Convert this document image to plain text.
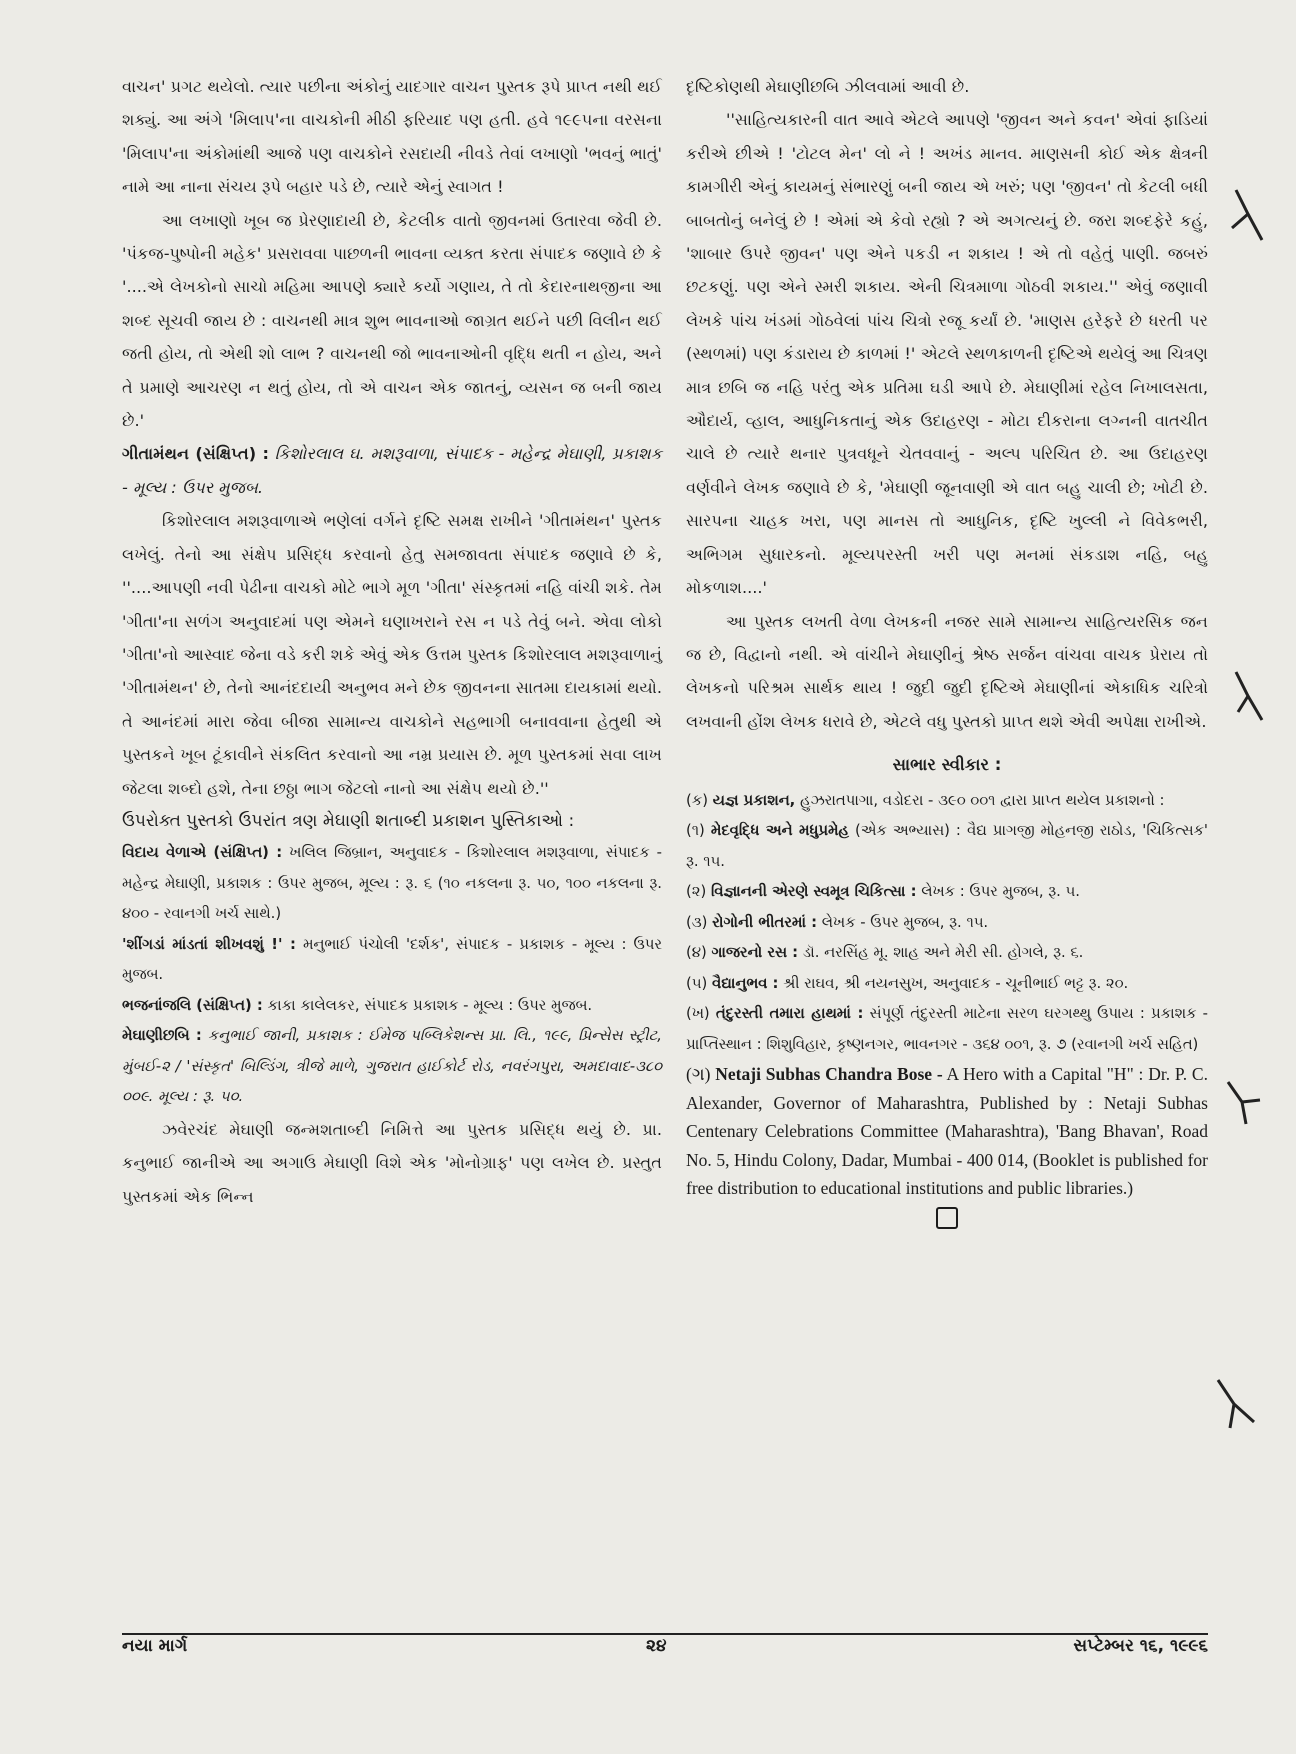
વાચન' પ્રગટ થયેલો. ત્યાર પછીના અંકોનું યાદગાર વાચન પુસ્તક રૂપે પ્રાપ્ત નથી થઈ શક્યું. આ અંગે 'મિલાપ'ના વાચકોની મીઠી ફરિયાદ પણ હતી. હવે ૧૯૯૫ના વરસના 'મિલાપ'ના અંકોમાંથી આજે પણ વાચકોને રસદાયી નીવડે તેવાં લખાણો 'ભવનું ભાતું' નામે આ નાના સંચય રૂપે બહાર પડે છે, ત્યારે એનું સ્વાગત !

આ લખાણો ખૂબ જ પ્રેરણાદાયી છે, કેટલીક વાતો જીવનમાં ઉતારવા જેવી છે. 'પંકજ-પુષ્પોની મહેક' પ્રસરાવવા પાછળની ભાવના વ્યક્ત કરતા સંપાદક જણાવે છે કે '....એ લેખકોનો સાચો મહિમા આપણે ક્યારે કર્યો ગણાય, તે તો કેદારનાથજીના આ શબ્દ સૂચવી જાય છે : વાચનથી માત્ર શુભ ભાવનાઓ જાગ્રત થઈને પછી વિલીન થઈ જતી હોય, તો એથી શો લાભ ? વાચનથી જો ભાવનાઓની વૃદ્ધિ થતી ન હોય, અને તે પ્રમાણે આચરણ ન થતું હોય, તો એ વાચન એક જાતનું, વ્યસન જ બની જાય છે.'

ગીતામંથન (સંક્ષિપ્ત) : કિશોરલાલ ઘ. મશરૂવાળા, સંપાદક - મહેન્દ્ર મેઘાણી, પ્રકાશક - મૂલ્ય : ઉપર મુજબ.

કિશોરલાલ મશરૂવાળાએ ભણેલાં વર્ગને દૃષ્ટિ સમક્ષ રાખીને 'ગીતામંથન' પુસ્તક લખેલું. તેનો આ સંક્ષેપ પ્રસિદ્ધ કરવાનો હેતુ સમજાવતા સંપાદક જણાવે છે કે, ''....આપણી નવી પેઢીના વાચકો મોટે ભાગે મૂળ 'ગીતા' સંસ્કૃતમાં નહિ વાંચી શકે. તેમ 'ગીતા'ના સળંગ અનુવાદમાં પણ એમને ઘણાખરાને રસ ન પડે તેવું બને. એવા લોકો 'ગીતા'નો આસ્વાદ જેના વડે કરી શકે એવું એક ઉત્તમ પુસ્તક કિશોરલાલ મશરૂવાળાનું 'ગીતામંથન' છે, તેનો આનંદદાયી અનુભવ મને છેક જીવનના સાતમા દાયકામાં થયો. તે આનંદમાં મારા જેવા બીજા સામાન્ય વાચકોને સહભાગી બનાવવાના હેતુથી એ પુસ્તકને ખૂબ ટૂંકાવીને સંકલિત કરવાનો આ નમ્ર પ્રયાસ છે. મૂળ પુસ્તકમાં સવા લાખ જેટલા શબ્દો હશે, તેના છઠ્ઠા ભાગ જેટલો નાનો આ સંક્ષેપ થયો છે.''

ઉપરોક્ત પુસ્તકો ઉપરાંત ત્રણ મેઘાણી શતાબ્દી પ્રકાશન પુસ્તિકાઓ :

વિદાય વેળાએ (સંક્ષિપ્ત) : ખલિલ જિબ્રાન, અનુવાદક - કિશોરલાલ મશરૂવાળા, સંપાદક - મહેન્દ્ર મેઘાણી, પ્રકાશક : ઉપર મુજબ, મૂલ્ય : રૂ. ૬ (૧૦ નકલના રૂ. ૫૦, ૧૦૦ નકલના રૂ. ૪૦૦ - રવાનગી ખર્ચ સાથે.)

'શીંગડાં માંડતાં શીખવશું !' : મનુભાઈ પંચોલી 'દર્શક', સંપાદક - પ્રકાશક - મૂલ્ય : ઉપર મુજબ.

ભજનાંજલિ (સંક્ષિપ્ત) : કાકા કાલેલકર, સંપાદક પ્રકાશક - મૂલ્ય : ઉપર મુજબ.

મેઘાણીછબિ : કનુભાઈ જાની, પ્રકાશક : ઈમેજ પબ્લિકેશન્સ પ્રા. લિ., ૧૯૯, પ્રિન્સેસ સ્ટ્રીટ, મુંબઈ-૨ / 'સંસ્કૃત' બિલ્ડિંગ, ત્રીજે માળે, ગુજરાત હાઈકોર્ટ રોડ, નવરંગપુરા, અમદાવાદ-૩૮૦ ૦૦૯. મૂલ્ય : રૂ. ૫૦.

ઝવેરચંદ મેઘાણી જન્મશતાબ્દી નિમિત્તે આ પુસ્તક પ્રસિદ્ધ થયું છે. પ્રા. કનુભાઈ જાનીએ આ અગાઉ મેઘાણી વિશે એક 'મોનોગ્રાફ' પણ લખેલ છે. પ્રસ્તુત પુસ્તકમાં એક ભિન્ન

દૃષ્ટિકોણથી મેઘાણીછબિ ઝીલવામાં આવી છે.

''સાહિત્યકારની વાત આવે એટલે આપણે 'જીવન અને કવન' એવાં ફાડિયાં કરીએ છીએ ! 'ટોટલ મેન' લો ને ! અખંડ માનવ. માણસની કોઈ એક ક્ષેત્રની કામગીરી એનું કાયમનું સંભારણું બની જાય એ ખરું; પણ 'જીવન' તો કેટલી બધી બાબતોનું બનેલું છે ! એમાં એ કેવો રહ્યો ? એ અગત્યનું છે. જરા શબ્દફેરે કહું, 'શાબાર ઉપરે જીવન' પણ એને પકડી ન શકાય ! એ તો વહેતું પાણી. જબરું છટકણું. પણ એને સ્મરી શકાય. એની ચિત્રમાળા ગોઠવી શકાય.'' એવું જણાવી લેખકે પાંચ ખંડમાં ગોઠવેલાં પાંચ ચિત્રો રજૂ કર્યાં છે. 'માણસ હરેફરે છે ધરતી પર (સ્થળમાં) પણ કંડારાય છે કાળમાં !' એટલે સ્થળકાળની દૃષ્ટિએ થયેલું આ ચિત્રણ માત્ર છબિ જ નહિ પરંતુ એક પ્રતિમા ઘડી આપે છે. મેઘાણીમાં રહેલ નિખાલસતા, ઔદાર્ય, વ્હાલ, આધુનિકતાનું એક ઉદાહરણ - મોટા દીકરાના લગ્નની વાતચીત ચાલે છે ત્યારે થનાર પુત્રવધૂને ચેતવવાનું - અલ્પ પરિચિત છે. આ ઉદાહરણ વર્ણવીને લેખક જણાવે છે કે, 'મેઘાણી જૂનવાણી એ વાત બહુ ચાલી છે; ખોટી છે. સારપના ચાહક ખરા, પણ માનસ તો આધુનિક, દૃષ્ટિ ખુલ્લી ને વિવેકભરી, અભિગમ સુધારકનો. મૂલ્યપરસ્તી ખરી પણ મનમાં સંકડાશ નહિ, બહુ મોકળાશ....'

આ પુસ્તક લખતી વેળા લેખકની નજર સામે સામાન્ય સાહિત્યરસિક જન જ છે, વિદ્વાનો નથી. એ વાંચીને મેઘાણીનું શ્રેષ્ઠ સર્જન વાંચવા વાચક પ્રેરાય તો લેખકનો પરિશ્રમ સાર્થક થાય ! જુદી જુદી દૃષ્ટિએ મેઘાણીનાં એકાધિક ચરિત્રો લખવાની હોંશ લેખક ધરાવે છે, એટલે વધુ પુસ્તકો પ્રાપ્ત થશે એવી અપેક્ષા રાખીએ.

સાભાર સ્વીકાર :

(ક) યજ્ઞ પ્રકાશન, હુઝરાતપાગા, વડોદરા - ૩૯૦ ૦૦૧ દ્વારા પ્રાપ્ત થયેલ પ્રકાશનો :

(૧) મેદવૃદ્ધિ અને મધુપ્રમેહ (એક અભ્યાસ) : વૈદ્ય પ્રાગજી મોહનજી રાઠોડ, 'ચિકિત્સક' રૂ. ૧૫.

(૨) વિજ્ઞાનની એરણે સ્વમૂત્ર ચિકિત્સા : લેખક : ઉપર મુજબ, રૂ. ૫.

(૩) રોગોની ભીતરમાં : લેખક - ઉપર મુજબ, રૂ. ૧૫.

(૪) ગાજરનો રસ : ડૉ. નરસિંહ મૂ. શાહ અને મેરી સી. હોગલે, રૂ. ૬.

(૫) વૈદ્યાનુભવ : શ્રી રાઘવ, શ્રી નયનસુખ, અનુવાદક - ચૂનીભાઈ ભટ્ટ રૂ. ૨૦.

(ખ) તંદુરસ્તી તમારા હાથમાં : સંપૂર્ણ તંદુરસ્તી માટેના સરળ ઘરગથ્થુ ઉપાય : પ્રકાશક - પ્રાપ્તિસ્થાન : શિશુવિહાર, કૃષ્ણનગર, ભાવનગર - ૩૬૪ ૦૦૧, રૂ. ૭ (રવાનગી ખર્ચ સહિત)

(ગ) Netaji Subhas Chandra Bose - A Hero with a Capital "H" : Dr. P. C. Alexander, Governor of Maharashtra, Published by : Netaji Subhas Centenary Celebrations Committee (Maharashtra), 'Bang Bhavan', Road No. 5, Hindu Colony, Dadar, Mumbai - 400 014, (Booklet is published for free distribution to educational institutions and public libraries.)

નયા માર્ગ	૨૪	સપ્ટેમ્બર ૧૬, ૧૯૯૬
